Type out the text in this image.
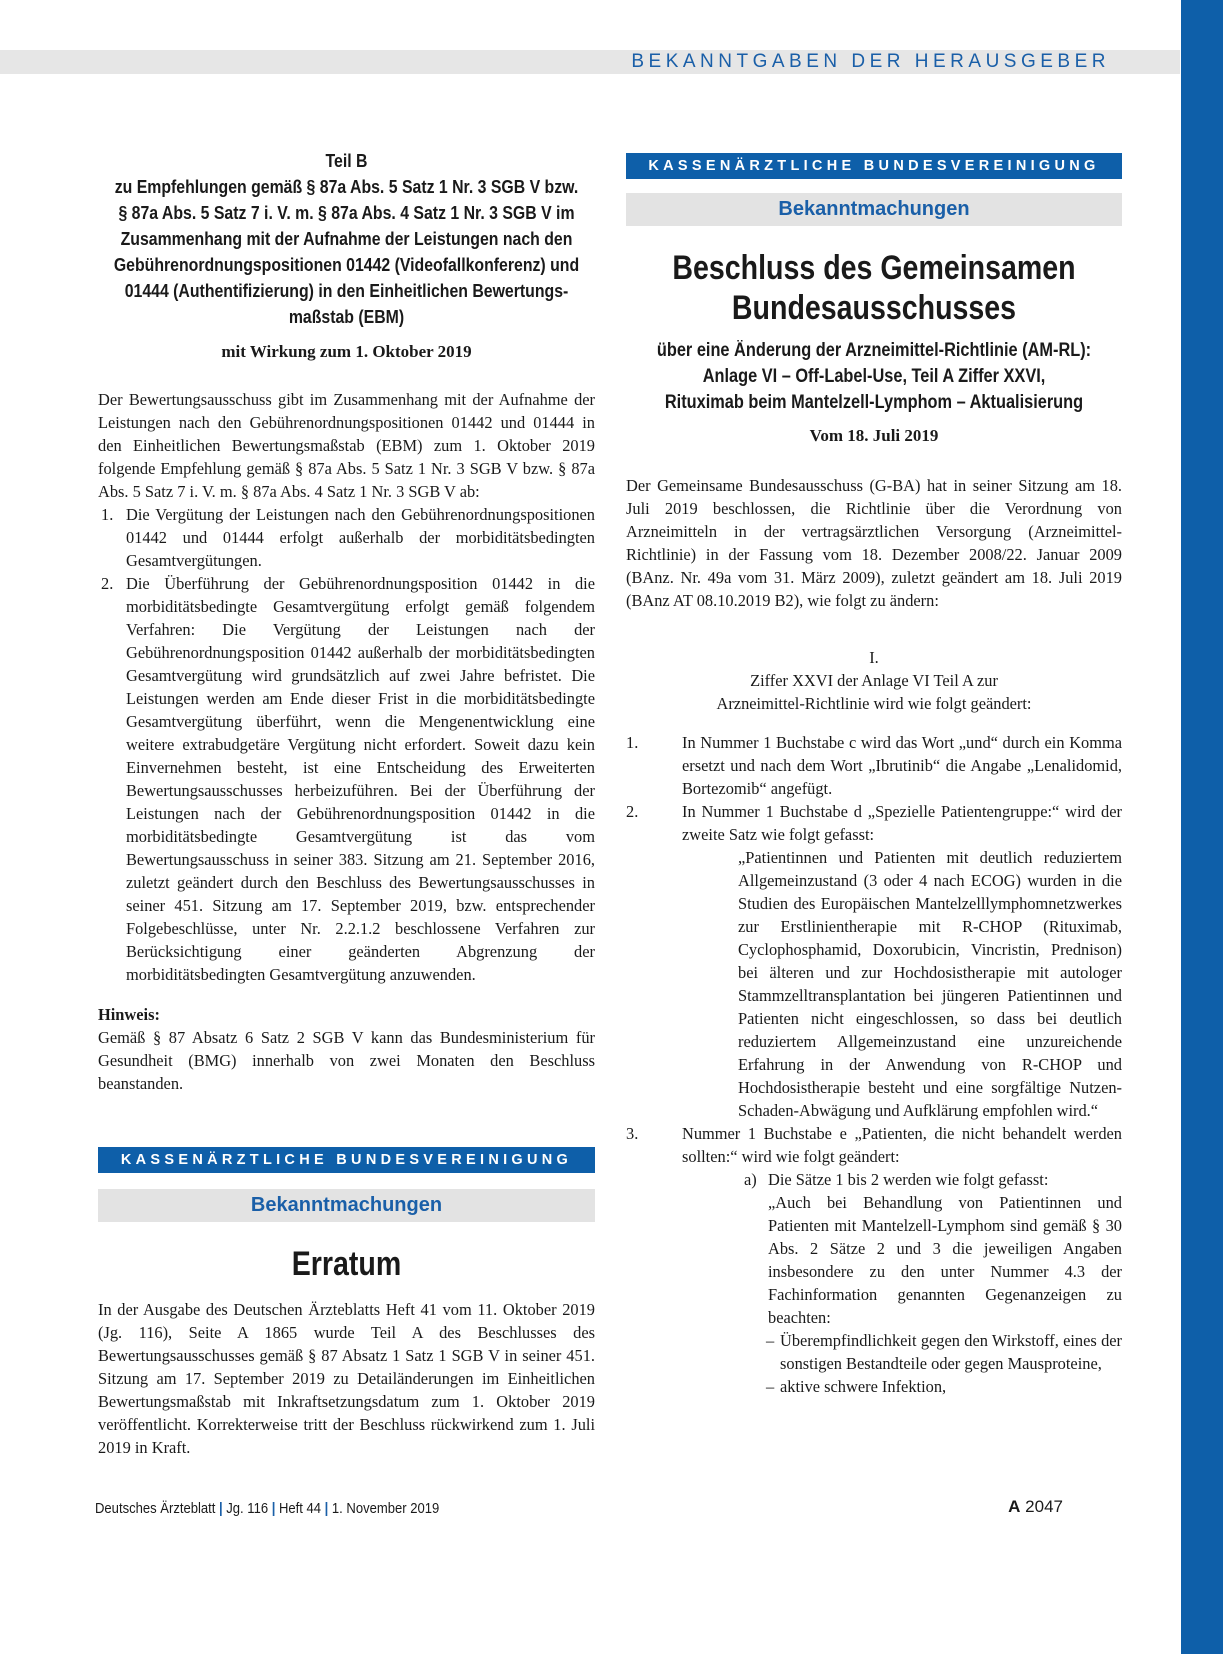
BEKANNTGABEN DER HERAUSGEBER
Teil B
zu Empfehlungen gemäß § 87a Abs. 5 Satz 1 Nr. 3 SGB V bzw.
§ 87a Abs. 5 Satz 7 i. V. m. § 87a Abs. 4 Satz 1 Nr. 3 SGB V im
Zusammenhang mit der Aufnahme der Leistungen nach den
Gebührenordnungspositionen 01442 (Videofallkonferenz) und
01444 (Authentifizierung) in den Einheitlichen Bewertungs-
maßstab (EBM)
mit Wirkung zum 1. Oktober 2019

Der Bewertungsausschuss gibt im Zusammenhang mit der Aufnahme der Leistungen nach den Gebührenordnungspositionen 01442 und 01444 in den Einheitlichen Bewertungsmaßstab (EBM) zum 1. Oktober 2019 folgende Empfehlung gemäß § 87a Abs. 5 Satz 1 Nr. 3 SGB V bzw. § 87a Abs. 5 Satz 7 i. V. m. § 87a Abs. 4 Satz 1 Nr. 3 SGB V ab:

1. Die Vergütung der Leistungen nach den Gebührenordnungspositionen 01442 und 01444 erfolgt außerhalb der morbiditätsbedingten Gesamtvergütungen.
2. Die Überführung der Gebührenordnungsposition 01442 in die morbiditätsbedingte Gesamtvergütung erfolgt gemäß folgendem Verfahren: Die Vergütung der Leistungen nach der Gebührenordnungsposition 01442 außerhalb der morbiditätsbedingten Gesamtvergütung wird grundsätzlich auf zwei Jahre befristet. Die Leistungen werden am Ende dieser Frist in die morbiditätsbedingte Gesamtvergütung überführt, wenn die Mengenentwicklung eine weitere extrabudgetäre Vergütung nicht erfordert. Soweit dazu kein Einvernehmen besteht, ist eine Entscheidung des Erweiterten Bewertungsausschusses herbeizuführen. Bei der Überführung der Leistungen nach der Gebührenordnungsposition 01442 in die morbiditätsbedingte Gesamtvergütung ist das vom Bewertungsausschuss in seiner 383. Sitzung am 21. September 2016, zuletzt geändert durch den Beschluss des Bewertungsausschusses in seiner 451. Sitzung am 17. September 2019, bzw. entsprechender Folgebeschlüsse, unter Nr. 2.2.1.2 beschlossene Verfahren zur Berücksichtigung einer geänderten Abgrenzung der morbiditätsbedingten Gesamtvergütung anzuwenden.
Hinweis:

Gemäß § 87 Absatz 6 Satz 2 SGB V kann das Bundesministerium für Gesundheit (BMG) innerhalb von zwei Monaten den Beschluss beanstanden.

KASSENÄRZTLICHE BUNDESVEREINIGUNG
Bekanntmachungen
Erratum

In der Ausgabe des Deutschen Ärzteblatts Heft 41 vom 11. Oktober 2019 (Jg. 116), Seite A 1865 wurde Teil A des Beschlusses des Bewertungsausschusses gemäß § 87 Absatz 1 Satz 1 SGB V in seiner 451. Sitzung am 17. September 2019 zu Detailänderungen im Einheitlichen Bewertungsmaßstab mit Inkraftsetzungsdatum zum 1. Oktober 2019 veröffentlicht. Korrekterweise tritt der Beschluss rückwirkend zum 1. Juli 2019 in Kraft.

KASSENÄRZTLICHE BUNDESVEREINIGUNG
Bekanntmachungen
Beschluss des Gemeinsamen
Bundesausschusses
über eine Änderung der Arzneimittel-Richtlinie (AM-RL):
Anlage VI – Off-Label-Use, Teil A Ziffer XXVI,
Rituximab beim Mantelzell-Lymphom – Aktualisierung
Vom 18. Juli 2019

Der Gemeinsame Bundesausschuss (G-BA) hat in seiner Sitzung am 18. Juli 2019 beschlossen, die Richtlinie über die Verordnung von Arzneimitteln in der vertragsärztlichen Versorgung (Arzneimittel-Richtlinie) in der Fassung vom 18. Dezember 2008/22. Januar 2009 (BAnz. Nr. 49a vom 31. März 2009), zuletzt geändert am 18. Juli 2019 (BAnz AT 08.10.2019 B2), wie folgt zu ändern:

I.
Ziffer XXVI der Anlage VI Teil A zur
Arzneimittel-Richtlinie wird wie folgt geändert:
1.	In Nummer 1 Buchstabe c wird das Wort „und“ durch ein Komma ersetzt und nach dem Wort „Ibrutinib“ die Angabe „Lenalidomid, Bortezomib“ angefügt.
2.	In Nummer 1 Buchstabe d „Spezielle Patientengruppe:“ wird der zweite Satz wie folgt gefasst:
„Patientinnen und Patienten mit deutlich reduziertem Allgemeinzustand (3 oder 4 nach ECOG) wurden in die Studien des Europäischen Mantelzelllymphomnetzwerkes zur Erstlinientherapie mit R-CHOP (Rituximab, Cyclophosphamid, Doxorubicin, Vincristin, Prednison) bei älteren und zur Hochdosistherapie mit autologer Stammzelltransplantation bei jüngeren Patientinnen und Patienten nicht eingeschlossen, so dass bei deutlich reduziertem Allgemeinzustand eine unzureichende Erfahrung in der Anwendung von R-CHOP und Hochdosistherapie besteht und eine sorgfältige Nutzen-Schaden-Abwägung und Aufklärung empfohlen wird.“
3.	Nummer 1 Buchstabe e „Patienten, die nicht behandelt werden sollten:“ wird wie folgt geändert:
a) Die Sätze 1 bis 2 werden wie folgt gefasst:
„Auch bei Behandlung von Patientinnen und Patienten mit Mantelzell-Lymphom sind gemäß § 30 Abs. 2 Sätze 2 und 3 die jeweiligen Angaben insbesondere zu den unter Nummer 4.3 der Fachinformation genannten Gegenanzeigen zu beachten:
– Überempfindlichkeit gegen den Wirkstoff, eines der sonstigen Bestandteile oder gegen Mausproteine,
– aktive schwere Infektion,
Deutsches Ärzteblatt | Jg. 116 | Heft 44 | 1. November 2019	A 2047
